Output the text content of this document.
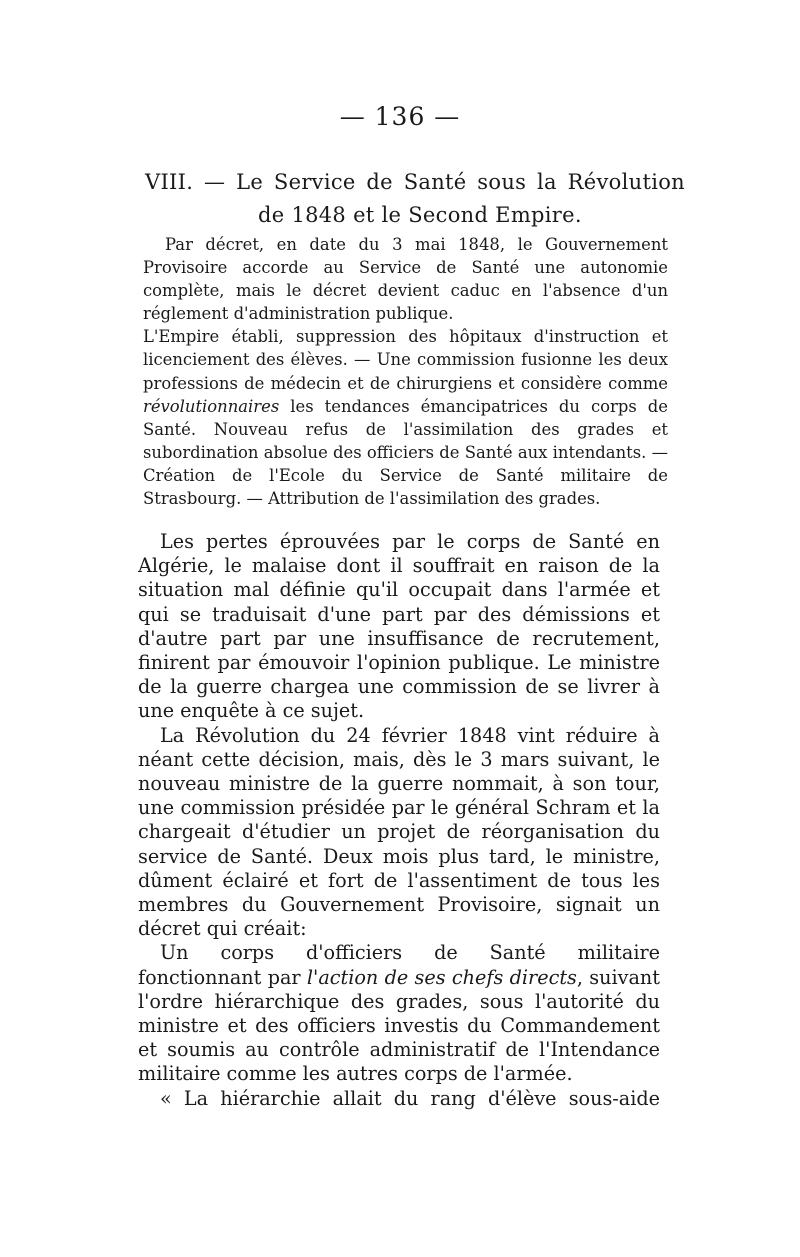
— 136 —
VIII. — Le Service de Santé sous la Révolution
de 1848 et le Second Empire.

Par décret, en date du 3 mai 1848, le Gouvernement Provisoire accorde au Service de Santé une autonomie complète, mais le décret devient caduc en l'absence d'un réglement d'administration publique.

L'Empire établi, suppression des hôpitaux d'instruction et licenciement des élèves. — Une commission fusionne les deux professions de médecin et de chirurgiens et considère comme révolutionnaires les tendances émancipatrices du corps de Santé. Nouveau refus de l'assimilation des grades et subordination absolue des officiers de Santé aux intendants. — Création de l'Ecole du Service de Santé militaire de Strasbourg. — Attribution de l'assimilation des grades.

Les pertes éprouvées par le corps de Santé en Algérie, le malaise dont il souffrait en raison de la situation mal définie qu'il occupait dans l'armée et qui se traduisait d'une part par des démissions et d'autre part par une insuffisance de recrutement, finirent par émouvoir l'opinion publique. Le ministre de la guerre chargea une commission de se livrer à une enquête à ce sujet.

La Révolution du 24 février 1848 vint réduire à néant cette décision, mais, dès le 3 mars suivant, le nouveau ministre de la guerre nommait, à son tour, une commission présidée par le général Schram et la chargeait d'étudier un projet de réorganisation du service de Santé. Deux mois plus tard, le ministre, dûment éclairé et fort de l'assentiment de tous les membres du Gouvernement Provisoire, signait un décret qui créait:

Un corps d'officiers de Santé militaire fonctionnant par l'action de ses chefs directs, suivant l'ordre hiérarchique des grades, sous l'autorité du ministre et des officiers investis du Commandement et soumis au contrôle administratif de l'Intendance militaire comme les autres corps de l'armée.

« La hiérarchie allait du rang d'élève sous-aide
